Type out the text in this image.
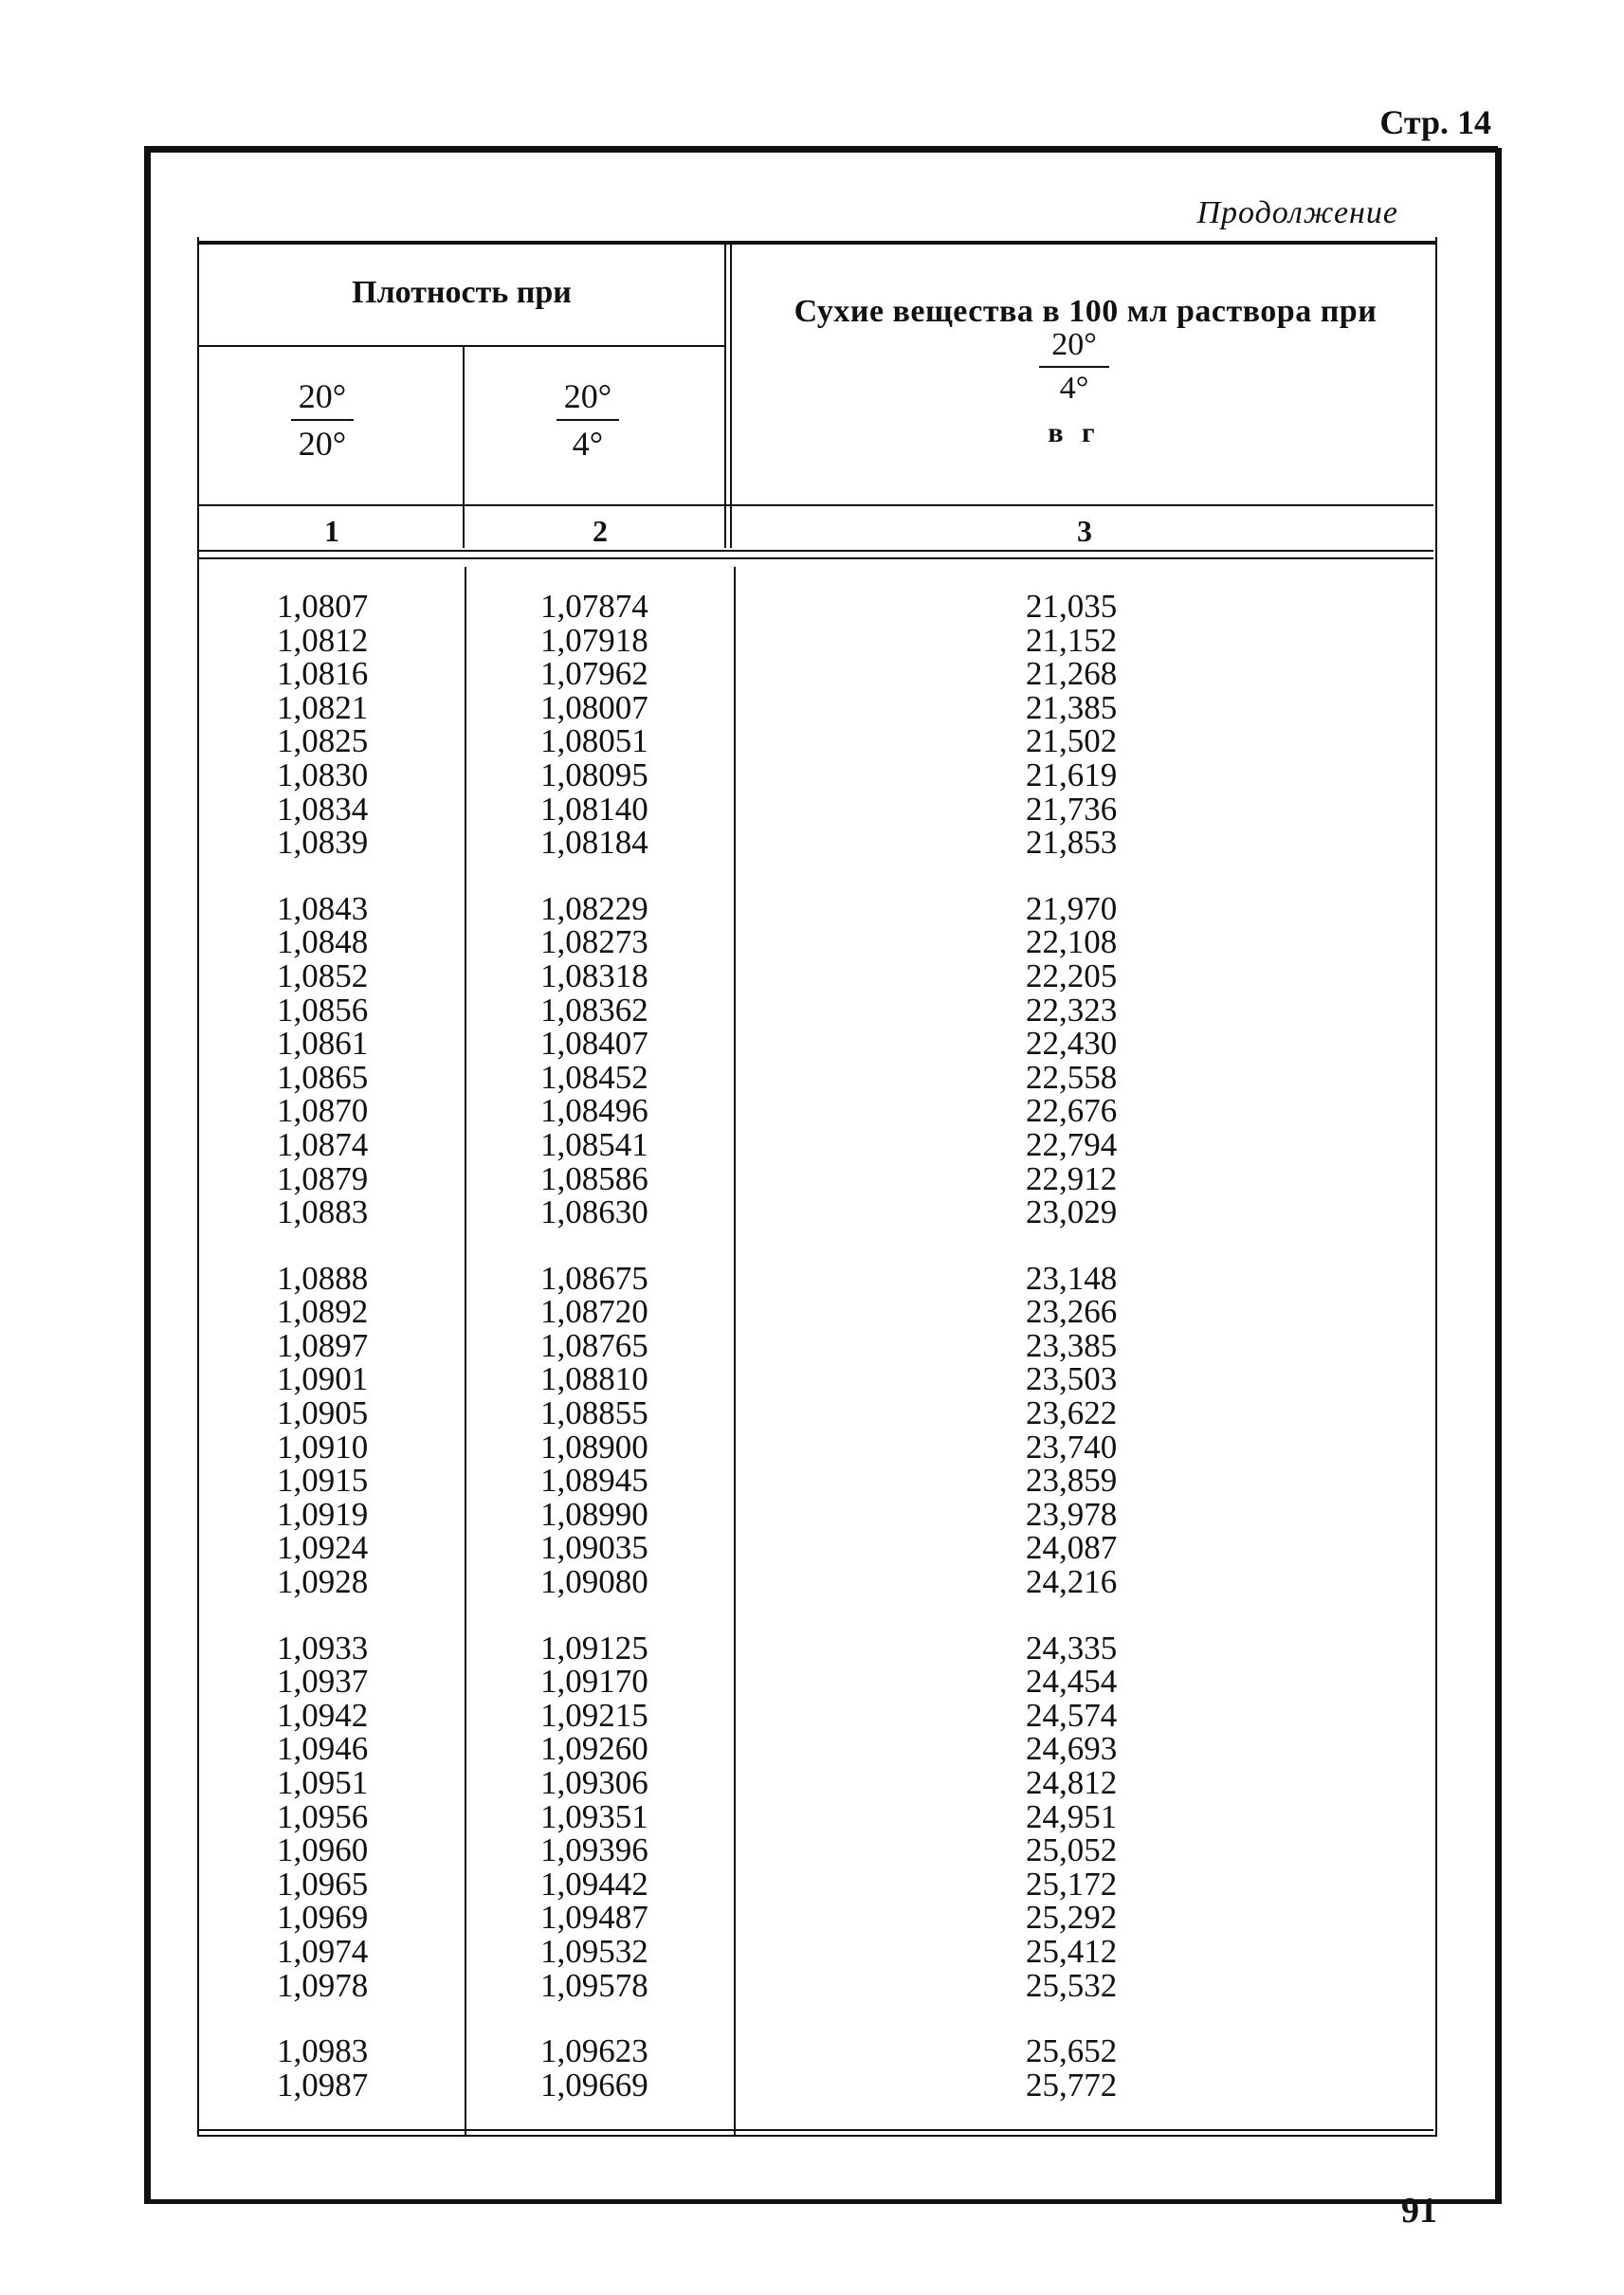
Стр. 14
Продолжение
Плотность при
20°
20°
20°
4°
Сухие вещества в 100 мл раствора при
20°
4°
в г
1	2	3
1,0807
1,0812
1,0816
1,0821
1,0825
1,0830
1,0834
1,0839
1,0843
1,0848
1,0852
1,0856
1,0861
1,0865
1,0870
1,0874
1,0879
1,0883
1,0888
1,0892
1,0897
1,0901
1,0905
1,0910
1,0915
1,0919
1,0924
1,0928
1,0933
1,0937
1,0942
1,0946
1,0951
1,0956
1,0960
1,0965
1,0969
1,0974
1,0978
1,0983
1,0987
1,07874
1,07918
1,07962
1,08007
1,08051
1,08095
1,08140
1,08184
1,08229
1,08273
1,08318
1,08362
1,08407
1,08452
1,08496
1,08541
1,08586
1,08630
1,08675
1,08720
1,08765
1,08810
1,08855
1,08900
1,08945
1,08990
1,09035
1,09080
1,09125
1,09170
1,09215
1,09260
1,09306
1,09351
1,09396
1,09442
1,09487
1,09532
1,09578
1,09623
1,09669
21,035
21,152
21,268
21,385
21,502
21,619
21,736
21,853
21,970
22,108
22,205
22,323
22,430
22,558
22,676
22,794
22,912
23,029
23,148
23,266
23,385
23,503
23,622
23,740
23,859
23,978
24,087
24,216
24,335
24,454
24,574
24,693
24,812
24,951
25,052
25,172
25,292
25,412
25,532
25,652
25,772
91
